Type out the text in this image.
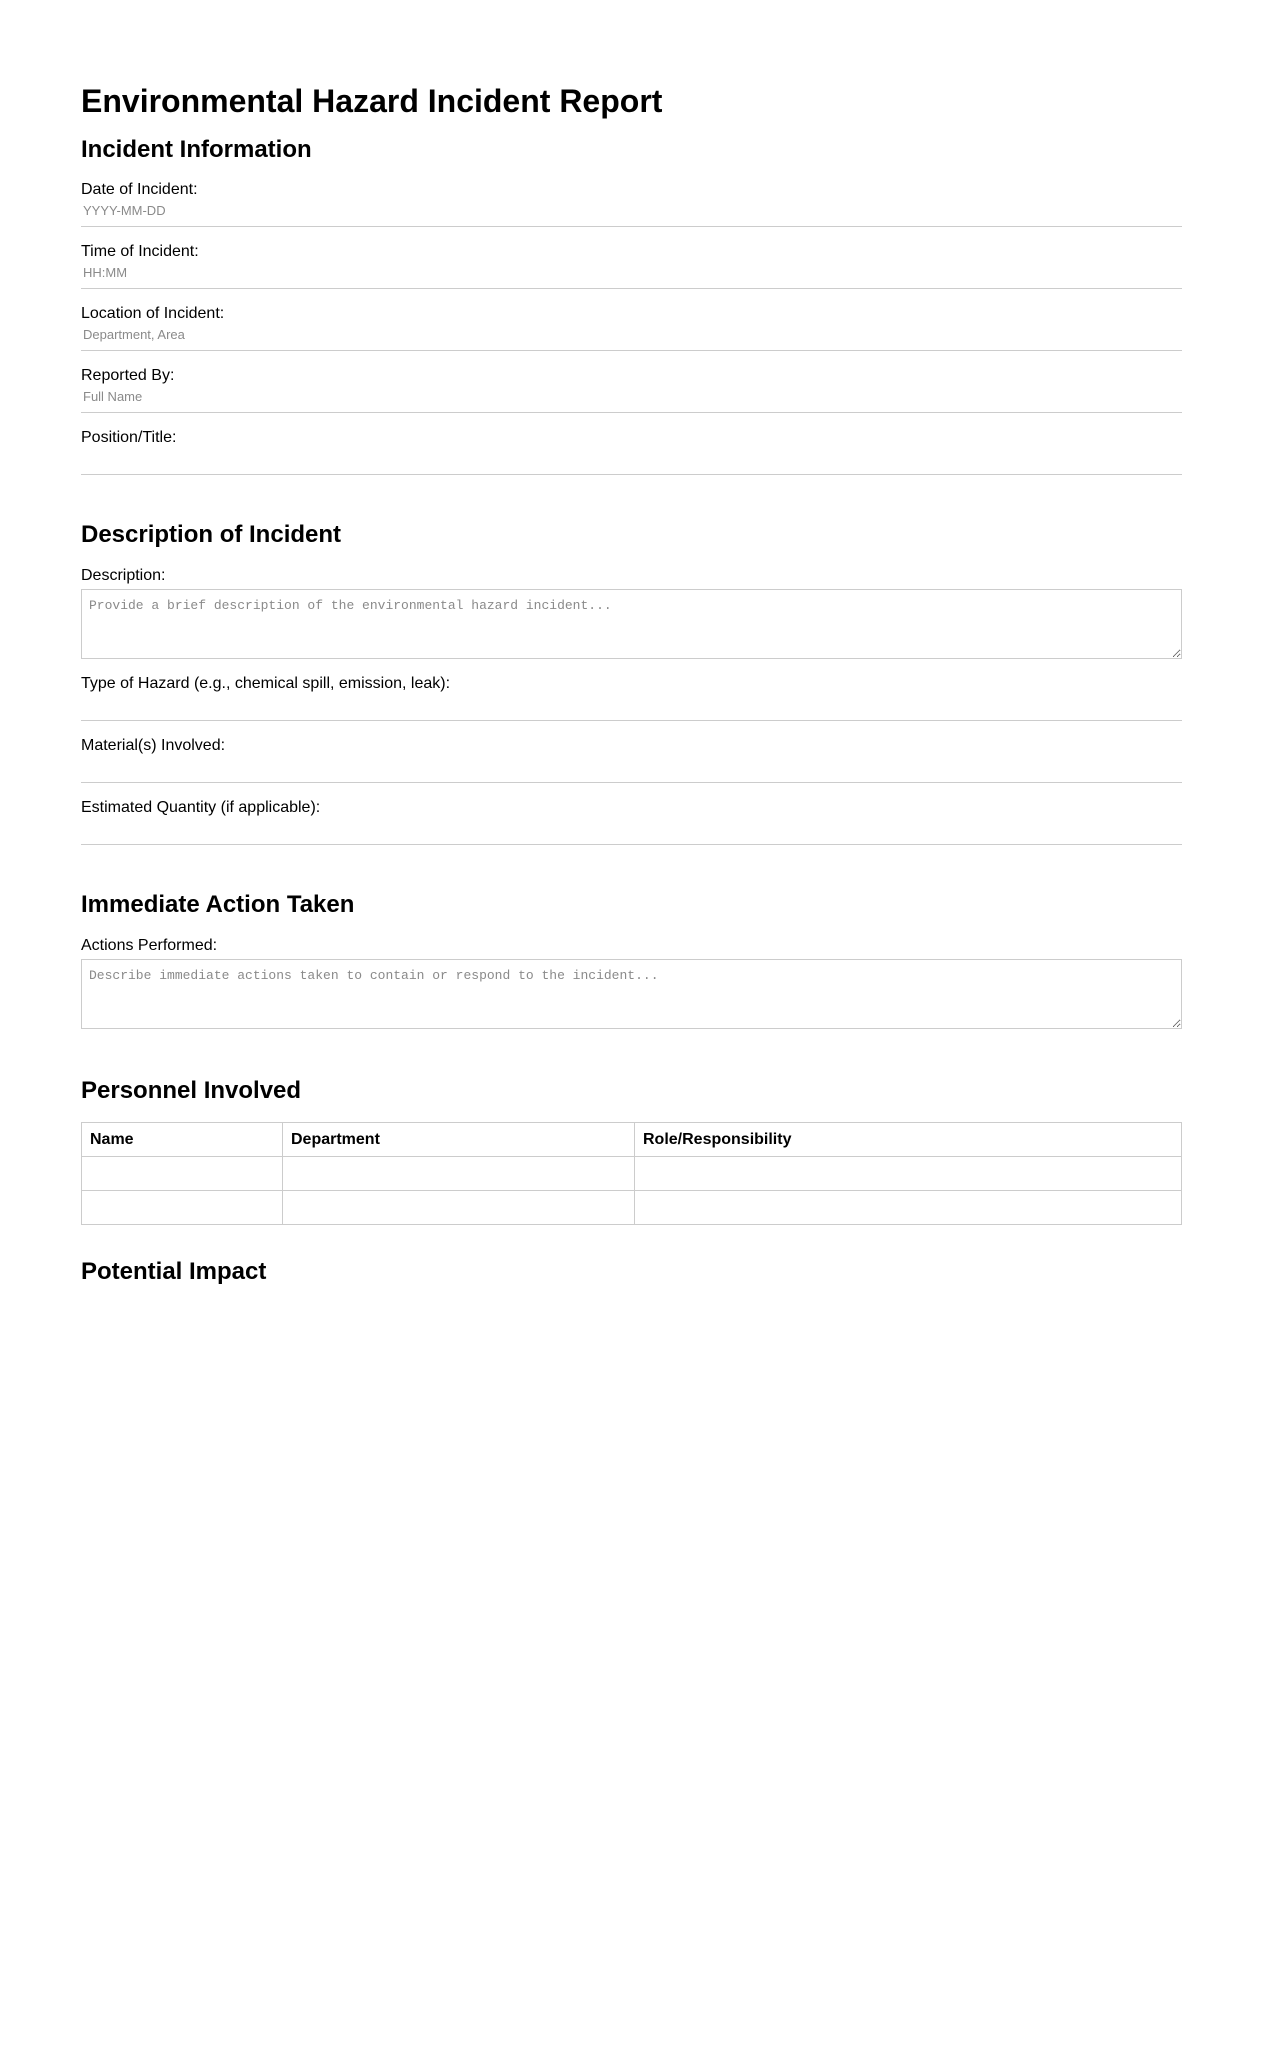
Environmental Hazard Incident Report
Incident Information
Date of Incident:
YYYY-MM-DD
Time of Incident:
HH:MM
Location of Incident:
Department, Area
Reported By:
Full Name
Position/Title:
Description of Incident
Description:
Provide a brief description of the environmental hazard incident...
Type of Hazard (e.g., chemical spill, emission, leak):
Material(s) Involved:
Estimated Quantity (if applicable):
Immediate Action Taken
Actions Performed:
Describe immediate actions taken to contain or respond to the incident...
Personnel Involved
Name	Department	Role/Responsibility

Potential Impact
